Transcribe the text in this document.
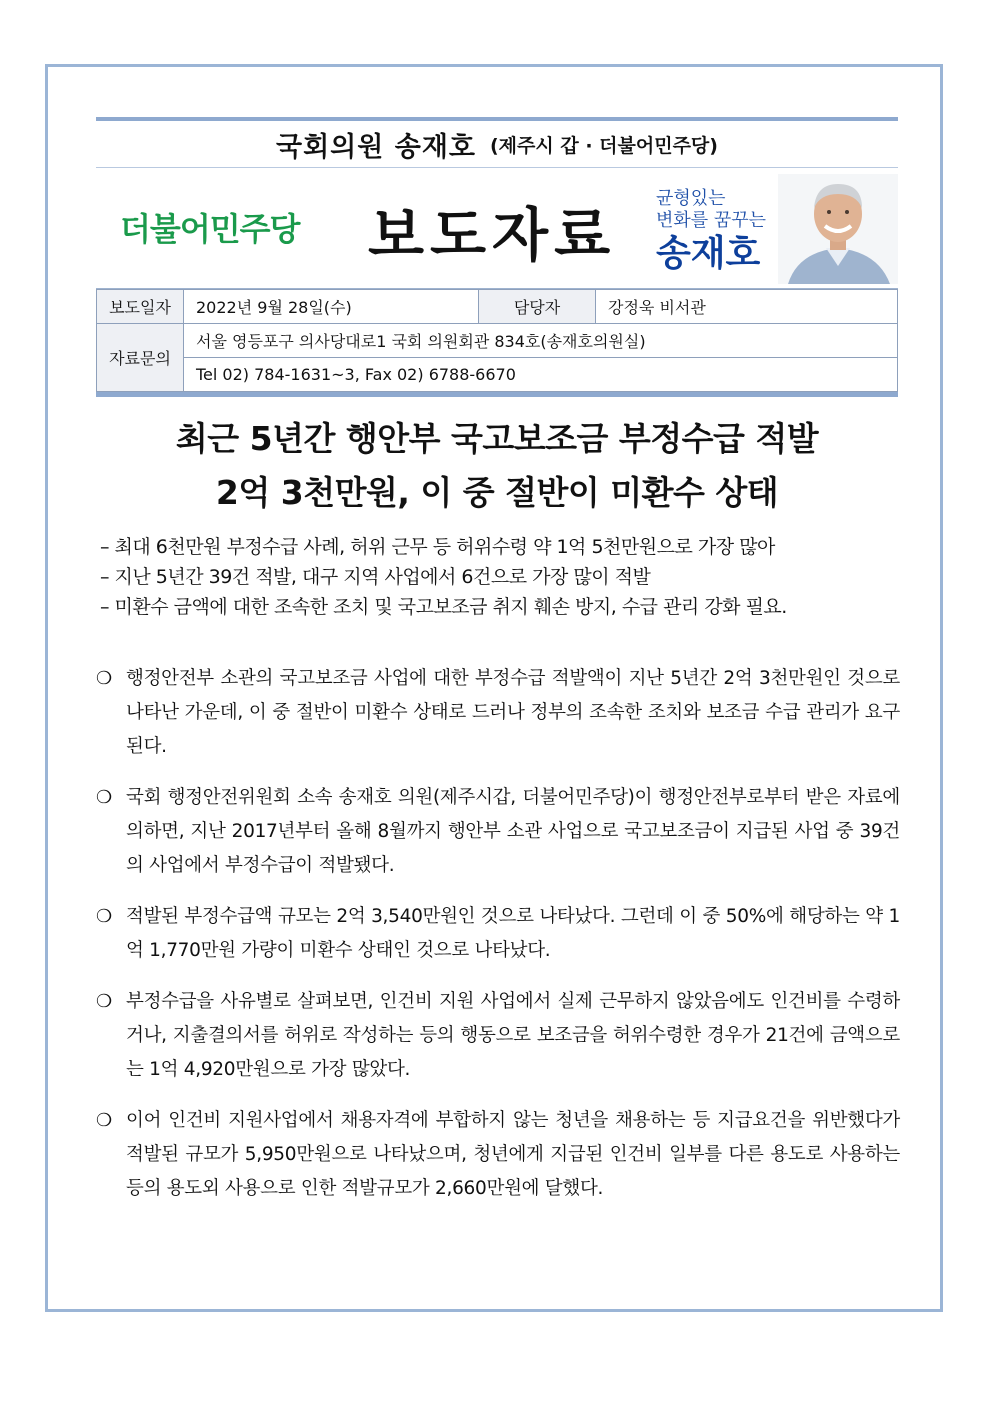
국회의원 송재호 (제주시 갑 · 더불어민주당)
더불어민주당 보도자료
균형있는
변화를 꿈꾸는
송재호
보도일자	2022년 9월 28일(수)	담당자	강정욱 비서관
자료문의	서울 영등포구 의사당대로1 국회 의원회관 834호(송재호의원실)		
	Tel 02) 784-1631~3, Fax 02) 6788-6670		
최근 5년간 행안부 국고보조금 부정수급 적발
2억 3천만원, 이 중 절반이 미환수 상태
– 최대 6천만원 부정수급 사례, 허위 근무 등 허위수령 약 1억 5천만원으로 가장 많아
– 지난 5년간 39건 적발, 대구 지역 사업에서 6건으로 가장 많이 적발
– 미환수 금액에 대한 조속한 조치 및 국고보조금 취지 훼손 방지, 수급 관리 강화 필요.
❍ 행정안전부 소관의 국고보조금 사업에 대한 부정수급 적발액이 지난 5년간 2억 3천만원인 것으로 나타난 가운데, 이 중 절반이 미환수 상태로 드러나 정부의 조속한 조치와 보조금 수급 관리가 요구된다.
❍ 국회 행정안전위원회 소속 송재호 의원(제주시갑, 더불어민주당)이 행정안전부로부터 받은 자료에 의하면, 지난 2017년부터 올해 8월까지 행안부 소관 사업으로 국고보조금이 지급된 사업 중 39건의 사업에서 부정수급이 적발됐다.
❍ 적발된 부정수급액 규모는 2억 3,540만원인 것으로 나타났다. 그런데 이 중 50%에 해당하는 약 1억 1,770만원 가량이 미환수 상태인 것으로 나타났다.
❍ 부정수급을 사유별로 살펴보면, 인건비 지원 사업에서 실제 근무하지 않았음에도 인건비를 수령하거나, 지출결의서를 허위로 작성하는 등의 행동으로 보조금을 허위수령한 경우가 21건에 금액으로는 1억 4,920만원으로 가장 많았다.
❍ 이어 인건비 지원사업에서 채용자격에 부합하지 않는 청년을 채용하는 등 지급요건을 위반했다가 적발된 규모가 5,950만원으로 나타났으며, 청년에게 지급된 인건비 일부를 다른 용도로 사용하는 등의 용도외 사용으로 인한 적발규모가 2,660만원에 달했다.
